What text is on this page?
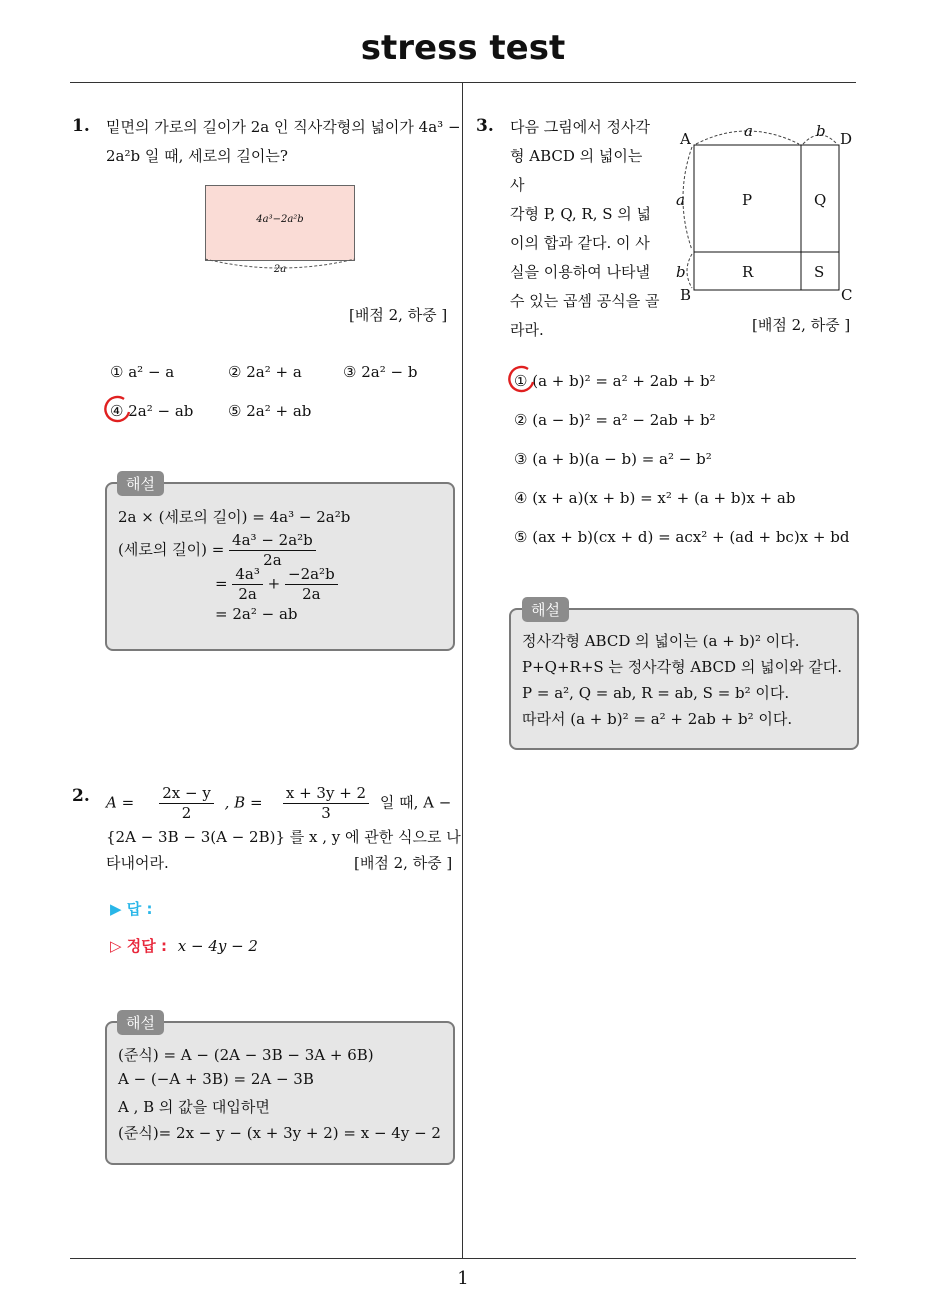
stress test
1
1. 밑면의 가로의 길이가 2a 인 직사각형의 넓이가 4a³ −
2a²b 일 때, 세로의 길이는?
4a³−2a²b
2a
[배점 2, 하중 ]
① a² − a	② 2a² + a	③ 2a² − b
④ 2a² − ab ⑤ 2a² + ab
해설
2a × (세로의 길이) = 4a³ − 2a²b
(세로의 길이) = $\frac{\text{4a³ − 2a²b}}{2a}$
= $\frac{\text{4a³}}{2a} + \frac{\text{−2a²b}}{2a}$
= 2a² − ab
2. $A = \frac{2x - y}{2}$ , $B = \frac{x + 3y + 2}{3}$ 일 때, A −
{2A − 3B − 3(A − 2B)} 를 x , y 에 관한 식으로 나
타내어라.	[배점 2, 하중 ]
▶ 답 :
▷ 정답 : x − 4y − 2
해설
(준식) = A − (2A − 3B − 3A + 6B)
A − (−A + 3B) = 2A − 3B
A , B 의 값을 대입하면
(준식)= 2x − y − (x + 3y + 2) = x − 4y − 2
3. 다음 그림에서 정사각
형 ABCD 의 넓이는 사
각형 P, Q, R, S 의 넓
이의 합과 같다. 이 사
실을 이용하여 나타낼
수 있는 곱셈 공식을 골
라라.
A	D
B	C
a	b
a
b
P	Q
R	S
[배점 2, 하중 ]
① (a + b)² = a² + 2ab + b²
② (a − b)² = a² − 2ab + b²
③ (a + b)(a − b) = a² − b²
④ (x + a)(x + b) = x² + (a + b)x + ab
⑤ (ax + b)(cx + d) = acx² + (ad + bc)x + bd
해설
정사각형 ABCD 의 넓이는 (a + b)² 이다.
P+Q+R+S 는 정사각형 ABCD 의 넓이와 같다.
P = a², Q = ab, R = ab, S = b² 이다.
따라서 (a + b)² = a² + 2ab + b² 이다.
